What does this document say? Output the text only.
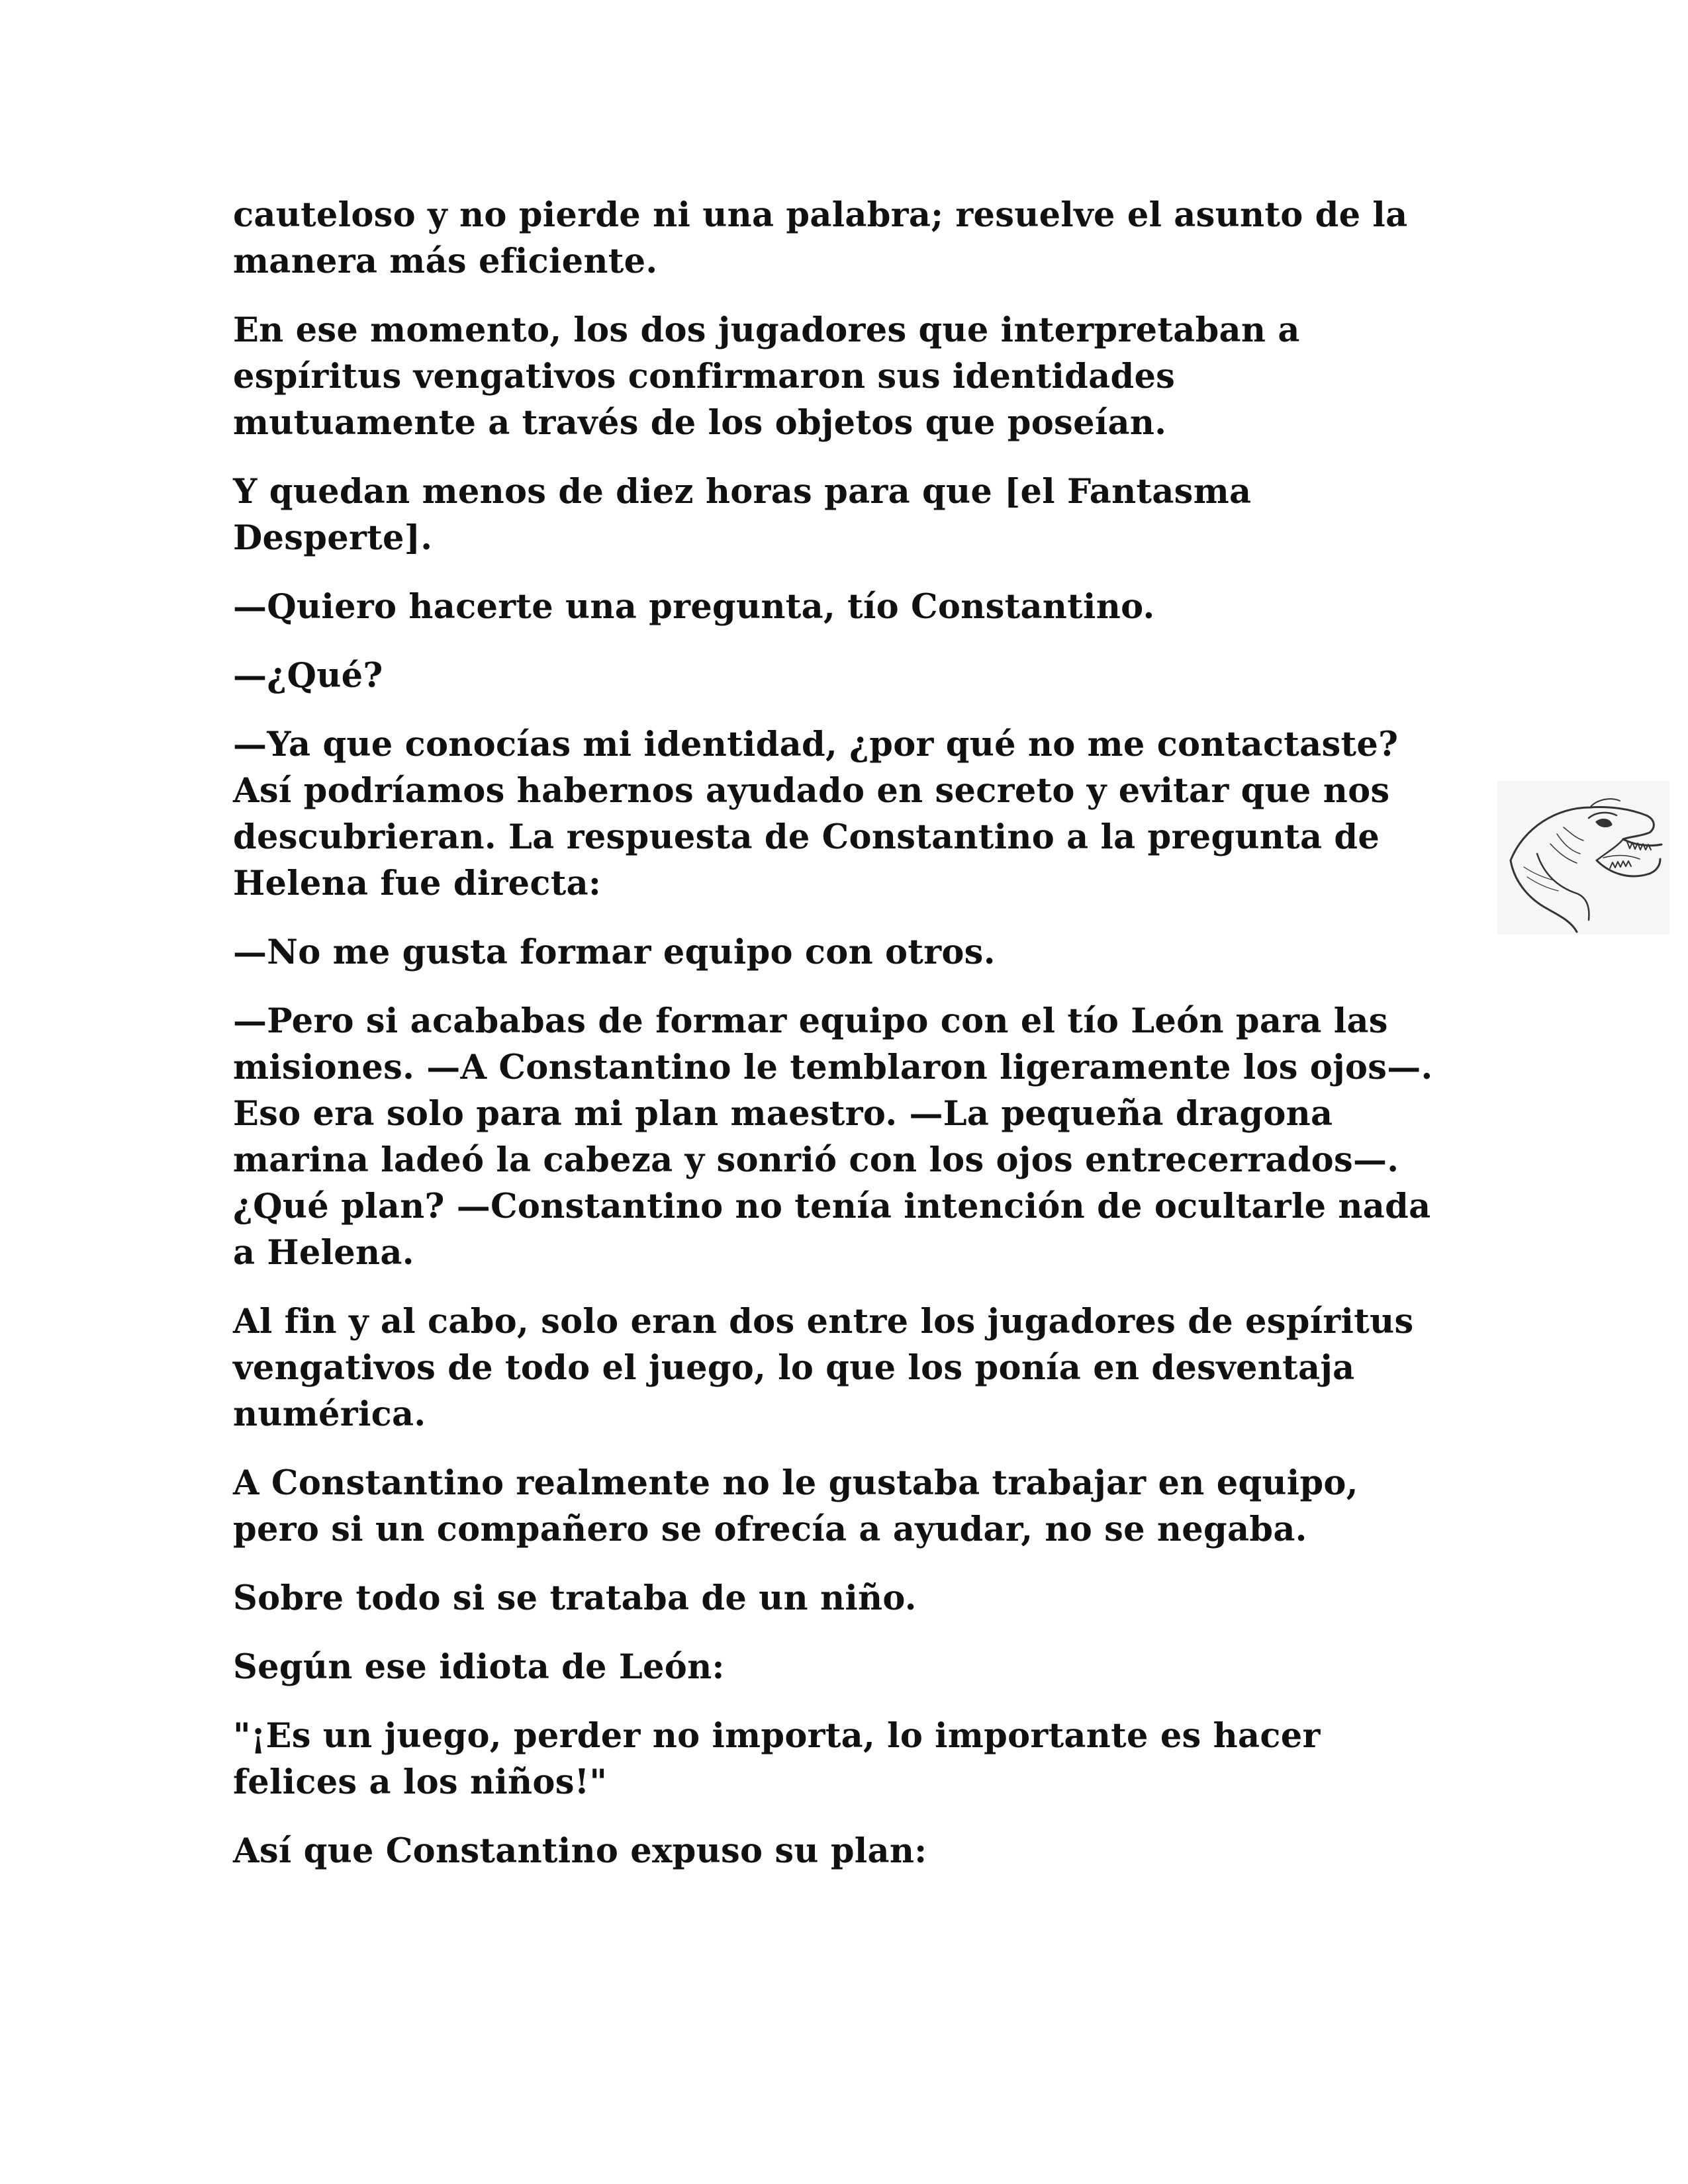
cauteloso y no pierde ni una palabra; resuelve el asunto de la
manera más eficiente.

En ese momento, los dos jugadores que interpretaban a
espíritus vengativos confirmaron sus identidades
mutuamente a través de los objetos que poseían.

Y quedan menos de diez horas para que [el Fantasma
Desperte].

—Quiero hacerte una pregunta, tío Constantino.

—¿Qué?

—Ya que conocías mi identidad, ¿por qué no me contactaste?
Así podríamos habernos ayudado en secreto y evitar que nos
descubrieran. La respuesta de Constantino a la pregunta de
Helena fue directa:

—No me gusta formar equipo con otros.

—Pero si acababas de formar equipo con el tío León para las
misiones. —A Constantino le temblaron ligeramente los ojos—.
Eso era solo para mi plan maestro. —La pequeña dragona
marina ladeó la cabeza y sonrió con los ojos entrecerrados—.
¿Qué plan? —Constantino no tenía intención de ocultarle nada
a Helena.

Al fin y al cabo, solo eran dos entre los jugadores de espíritus
vengativos de todo el juego, lo que los ponía en desventaja
numérica.

A Constantino realmente no le gustaba trabajar en equipo,
pero si un compañero se ofrecía a ayudar, no se negaba.

Sobre todo si se trataba de un niño.

Según ese idiota de León:

"¡Es un juego, perder no importa, lo importante es hacer
felices a los niños!"

Así que Constantino expuso su plan:
